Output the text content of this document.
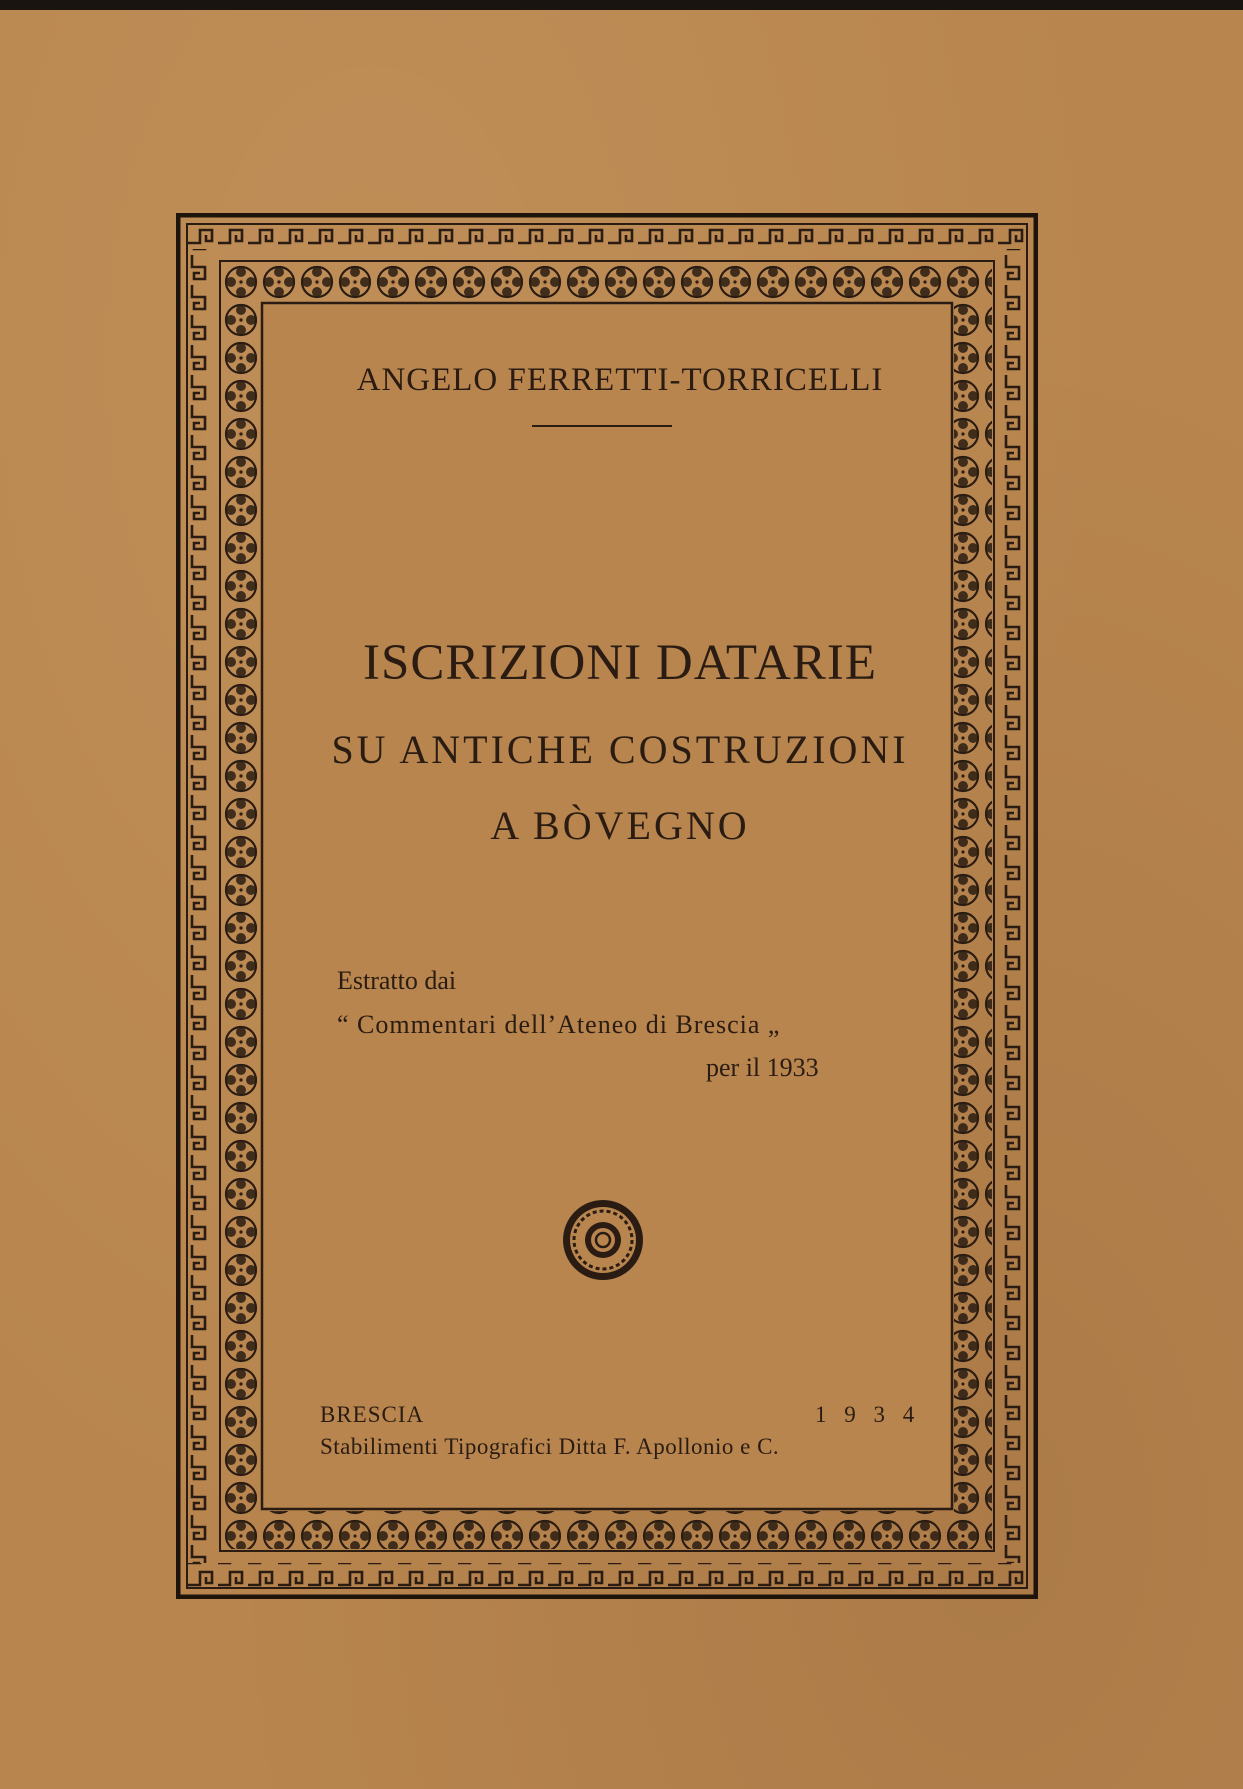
ANGELO FERRETTI-TORRICELLI
ISCRIZIONI DATARIE
SU ANTICHE COSTRUZIONI
A BÒVEGNO
Estratto dai
“ Commentari dell’Ateneo di Brescia „
per il 1933
BRESCIA	1 9 3 4
Stabilimenti Tipografici Ditta F. Apollonio e C.
